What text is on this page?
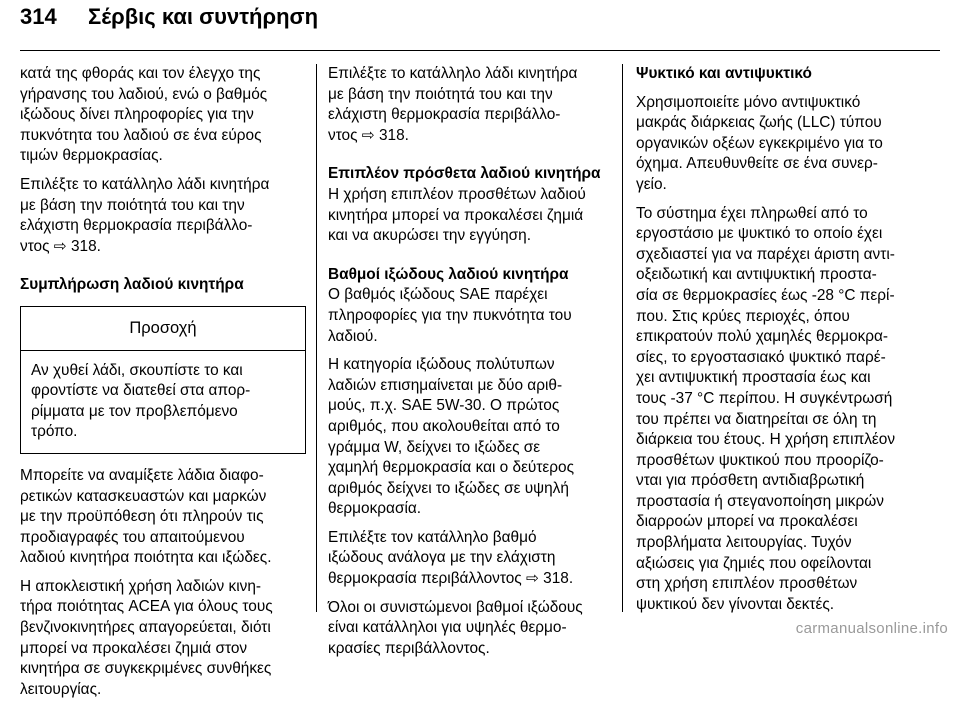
314 Σέρβις και συντήρηση

κατά της φθοράς και τον έλεγχο της
γήρανσης του λαδιού, ενώ ο βαθμός
ιξώδους δίνει πληροφορίες για την
πυκνότητα του λαδιού σε ένα εύρος
τιμών θερμοκρασίας.

Επιλέξτε το κατάλληλο λάδι κινητήρα
με βάση την ποιότητά του και την
ελάχιστη θερμοκρασία περιβάλλο-
ντος ⇨ 318.

Συμπλήρωση λαδιού κινητήρα

Προσοχή
Αν χυθεί λάδι, σκουπίστε το και
φροντίστε να διατεθεί στα απορ-
ρίμματα με τον προβλεπόμενο
τρόπο.

Μπορείτε να αναμίξετε λάδια διαφο-
ρετικών κατασκευαστών και μαρκών
με την προϋπόθεση ότι πληρούν τις
προδιαγραφές του απαιτούμενου
λαδιού κινητήρα ποιότητα και ιξώδες.

Η αποκλειστική χρήση λαδιών κινη-
τήρα ποιότητας ACEA για όλους τους
βενζινοκινητήρες απαγορεύεται, διότι
μπορεί να προκαλέσει ζημιά στον
κινητήρα σε συγκεκριμένες συνθήκες
λειτουργίας.

Επιλέξτε το κατάλληλο λάδι κινητήρα
με βάση την ποιότητά του και την
ελάχιστη θερμοκρασία περιβάλλο-
ντος ⇨ 318.

Επιπλέον πρόσθετα λαδιού κινητήρα

Η χρήση επιπλέον προσθέτων λαδιού
κινητήρα μπορεί να προκαλέσει ζημιά
και να ακυρώσει την εγγύηση.

Βαθμοί ιξώδους λαδιού κινητήρα

Ο βαθμός ιξώδους SAE παρέχει
πληροφορίες για την πυκνότητα του
λαδιού.

Η κατηγορία ιξώδους πολύτυπων
λαδιών επισημαίνεται με δύο αριθ-
μούς, π.χ. SAE 5W-30. Ο πρώτος
αριθμός, που ακολουθείται από το
γράμμα W, δείχνει το ιξώδες σε
χαμηλή θερμοκρασία και ο δεύτερος
αριθμός δείχνει το ιξώδες σε υψηλή
θερμοκρασία.

Επιλέξτε τον κατάλληλο βαθμό
ιξώδους ανάλογα με την ελάχιστη
θερμοκρασία περιβάλλοντος ⇨ 318.

Όλοι οι συνιστώμενοι βαθμοί ιξώδους
είναι κατάλληλοι για υψηλές θερμο-
κρασίες περιβάλλοντος.

Ψυκτικό και αντιψυκτικό

Χρησιμοποιείτε μόνο αντιψυκτικό
μακράς διάρκειας ζωής (LLC) τύπου
οργανικών οξέων εγκεκριμένο για το
όχημα. Απευθυνθείτε σε ένα συνερ-
γείο.

Το σύστημα έχει πληρωθεί από το
εργοστάσιο με ψυκτικό το οποίο έχει
σχεδιαστεί για να παρέχει άριστη αντι-
οξειδωτική και αντιψυκτική προστα-
σία σε θερμοκρασίες έως -28 °C περί-
που. Στις κρύες περιοχές, όπου
επικρατούν πολύ χαμηλές θερμοκρα-
σίες, το εργοστασιακό ψυκτικό παρέ-
χει αντιψυκτική προστασία έως και
τους -37 °C περίπου. Η συγκέντρωσή
του πρέπει να διατηρείται σε όλη τη
διάρκεια του έτους. Η χρήση επιπλέον
προσθέτων ψυκτικού που προορίζο-
νται για πρόσθετη αντιδιαβρωτική
προστασία ή στεγανοποίηση μικρών
διαρροών μπορεί να προκαλέσει
προβλήματα λειτουργίας. Τυχόν
αξιώσεις για ζημιές που οφείλονται
στη χρήση επιπλέον προσθέτων
ψυκτικού δεν γίνονται δεκτές.

carmanualsonline.info
